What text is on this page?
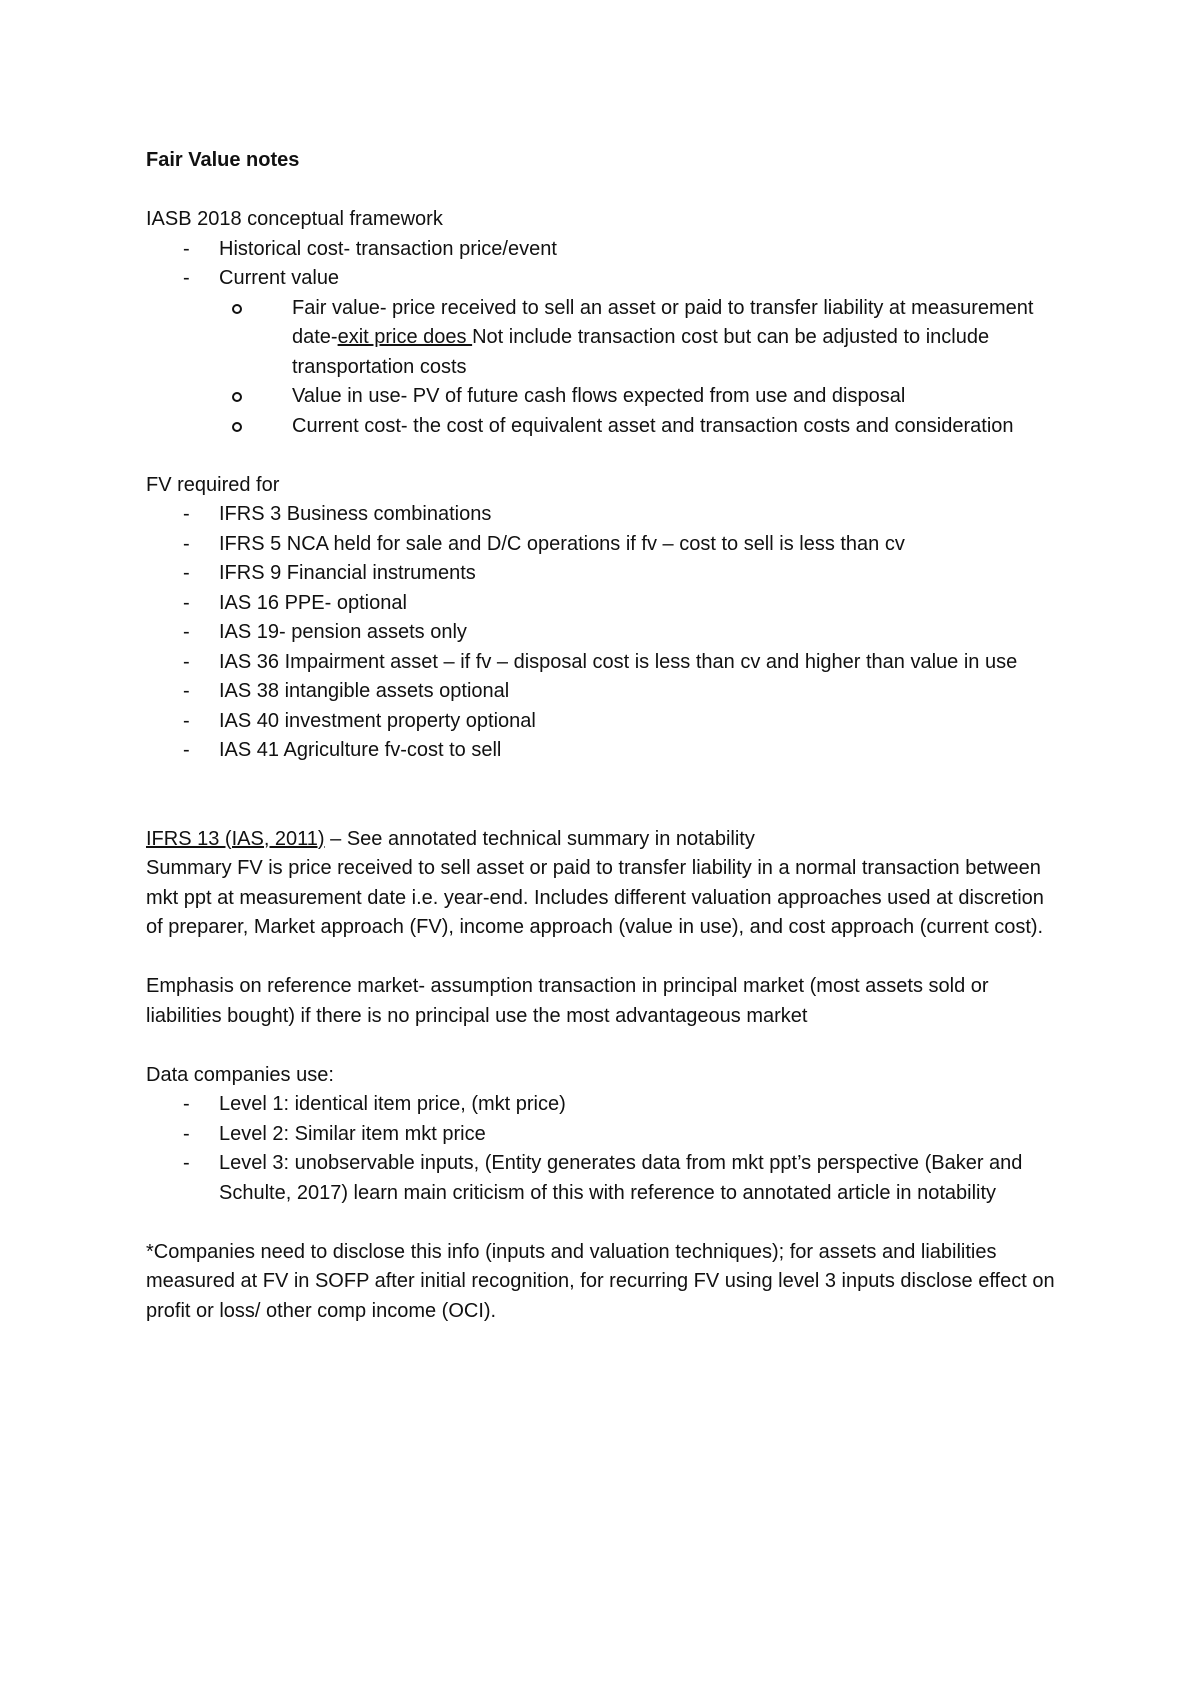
Fair Value notes

IASB 2018 conceptual framework

- Historical cost- transaction price/event
- Current value
Fair value- price received to sell an asset or paid to transfer liability at measurement date-exit price does Not include transaction cost but can be adjusted to include transportation costs
Value in use- PV of future cash flows expected from use and disposal
Current cost- the cost of equivalent asset and transaction costs and consideration

FV required for

- IFRS 3 Business combinations
- IFRS 5 NCA held for sale and D/C operations if fv – cost to sell is less than cv
- IFRS 9 Financial instruments
- IAS 16 PPE- optional
- IAS 19- pension assets only
- IAS 36 Impairment asset – if fv – disposal cost is less than cv and higher than value in use
- IAS 38 intangible assets optional
- IAS 40 investment property optional
- IAS 41 Agriculture fv-cost to sell

IFRS 13 (IAS, 2011) – See annotated technical summary in notability

Summary FV is price received to sell asset or paid to transfer liability in a normal transaction between mkt ppt at measurement date i.e. year-end. Includes different valuation approaches used at discretion of preparer, Market approach (FV), income approach (value in use), and cost approach (current cost).

Emphasis on reference market- assumption transaction in principal market (most assets sold or liabilities bought) if there is no principal use the most advantageous market

Data companies use:

- Level 1: identical item price, (mkt price)
- Level 2: Similar item mkt price
- Level 3: unobservable inputs, (Entity generates data from mkt ppt’s perspective (Baker and Schulte, 2017) learn main criticism of this with reference to annotated article in notability

*Companies need to disclose this info (inputs and valuation techniques); for assets and liabilities measured at FV in SOFP after initial recognition, for recurring FV using level 3 inputs disclose effect on profit or loss/ other comp income (OCI).
